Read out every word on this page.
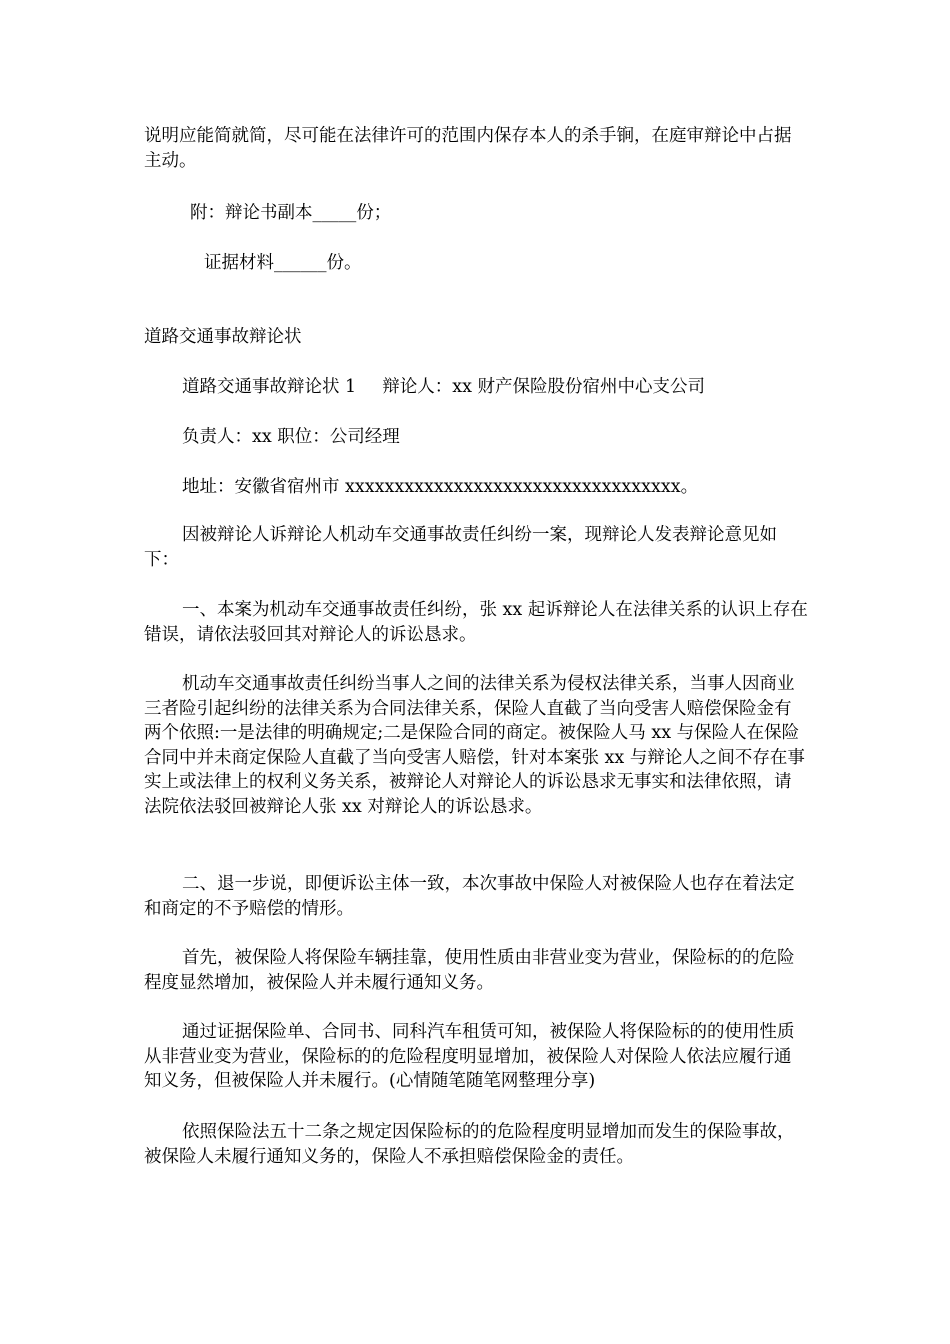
说明应能简就简，尽可能在法律许可的范围内保存本人的杀手锏，在庭审辩论中占据主动。

附：辩论书副本_____份；

证据材料______份。

道路交通事故辩论状

道路交通事故辩论状 1 辩论人：xx 财产保险股份宿州中心支公司

负责人：xx 职位：公司经理

地址：安徽省宿州市 xxxxxxxxxxxxxxxxxxxxxxxxxxxxxxxxxx。

因被辩论人诉辩论人机动车交通事故责任纠纷一案，现辩论人发表辩论意见如下：

一、本案为机动车交通事故责任纠纷，张 xx 起诉辩论人在法律关系的认识上存在错误，请依法驳回其对辩论人的诉讼恳求。

机动车交通事故责任纠纷当事人之间的法律关系为侵权法律关系，当事人因商业三者险引起纠纷的法律关系为合同法律关系，保险人直截了当向受害人赔偿保险金有两个依照:一是法律的明确规定;二是保险合同的商定。被保险人马 xx 与保险人在保险合同中并未商定保险人直截了当向受害人赔偿，针对本案张 xx 与辩论人之间不存在事实上或法律上的权利义务关系，被辩论人对辩论人的诉讼恳求无事实和法律依照，请法院依法驳回被辩论人张 xx 对辩论人的诉讼恳求。

二、退一步说，即便诉讼主体一致，本次事故中保险人对被保险人也存在着法定和商定的不予赔偿的情形。

首先，被保险人将保险车辆挂靠，使用性质由非营业变为营业，保险标的的危险程度显然增加，被保险人并未履行通知义务。

通过证据保险单、合同书、同科汽车租赁可知，被保险人将保险标的的使用性质从非营业变为营业，保险标的的危险程度明显增加，被保险人对保险人依法应履行通知义务，但被保险人并未履行。(心情随笔随笔网整理分享)

依照保险法五十二条之规定因保险标的的危险程度明显增加而发生的保险事故，被保险人未履行通知义务的，保险人不承担赔偿保险金的责任。
